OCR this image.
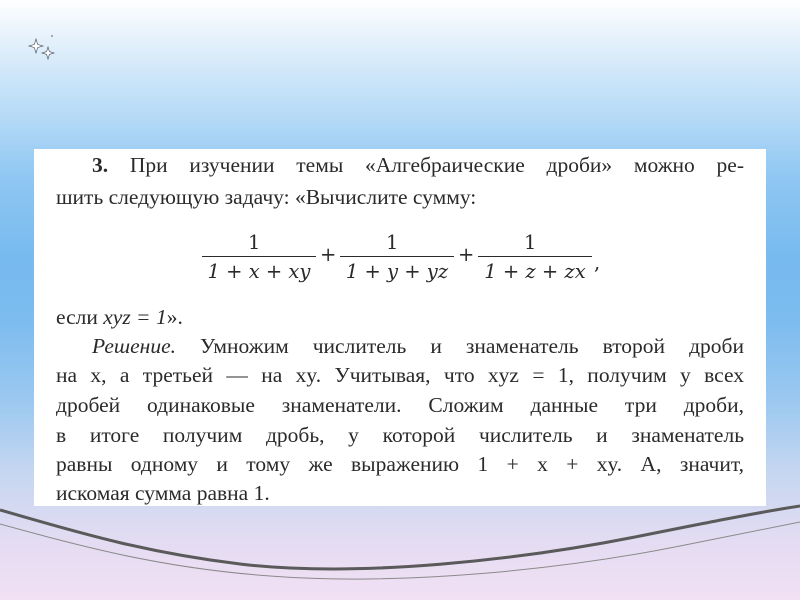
3. При изучении темы «Алгебраические дроби» можно ре-

шить следующую задачу: «Вычислите сумму:

1
1 + x + xy
+
1
1 + y + yz
+
1
1 + z + zx ,

если xyz = 1».

Решение. Умножим числитель и знаменатель второй дроби

на x, а третьей — на xy. Учитывая, что xyz = 1, получим у всех

дробей одинаковые знаменатели. Сложим данные три дроби,

в итоге получим дробь, у которой числитель и знаменатель

равны одному и тому же выражению 1 + x + xy. А, значит,

искомая сумма равна 1.
